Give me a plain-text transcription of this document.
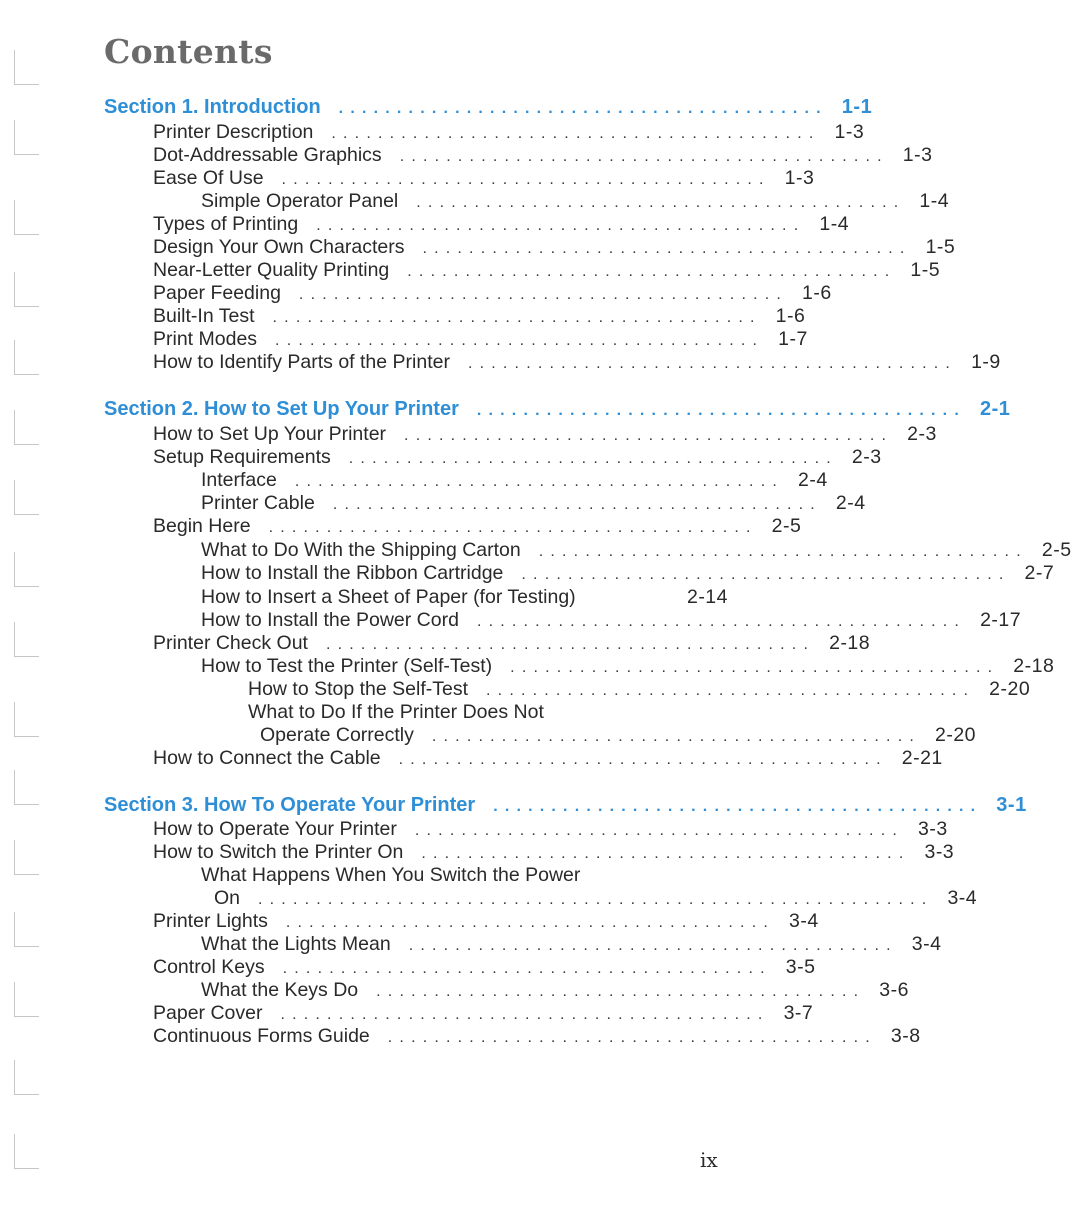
Contents
Section 1. Introduction .......................................... 1-1
Printer Description .......................................... 1-3
Dot-Addressable Graphics .......................................... 1-3
Ease Of Use .......................................... 1-3
Simple Operator Panel .......................................... 1-4
Types of Printing .......................................... 1-4
Design Your Own Characters .......................................... 1-5
Near-Letter Quality Printing .......................................... 1-5
Paper Feeding .......................................... 1-6
Built-In Test .......................................... 1-6
Print Modes .......................................... 1-7
How to Identify Parts of the Printer .......................................... 1-9
Section 2. How to Set Up Your Printer .......................................... 2-1
How to Set Up Your Printer .......................................... 2-3
Setup Requirements .......................................... 2-3
Interface .......................................... 2-4
Printer Cable .......................................... 2-4
Begin Here .......................................... 2-5
What to Do With the Shipping Carton .......................................... 2-5
How to Install the Ribbon Cartridge .......................................... 2-7
How to Insert a Sheet of Paper (for Testing)	2-14
How to Install the Power Cord .......................................... 2-17
Printer Check Out .......................................... 2-18
How to Test the Printer (Self-Test) .......................................... 2-18
How to Stop the Self-Test .......................................... 2-20
What to Do If the Printer Does Not
Operate Correctly .......................................... 2-20
How to Connect the Cable .......................................... 2-21
Section 3. How To Operate Your Printer .......................................... 3-1
How to Operate Your Printer .......................................... 3-3
How to Switch the Printer On .......................................... 3-3
What Happens When You Switch the Power
On .......................................................... 3-4
Printer Lights .......................................... 3-4
What the Lights Mean .......................................... 3-4
Control Keys .......................................... 3-5
What the Keys Do .......................................... 3-6
Paper Cover .......................................... 3-7
Continuous Forms Guide .......................................... 3-8
ix
